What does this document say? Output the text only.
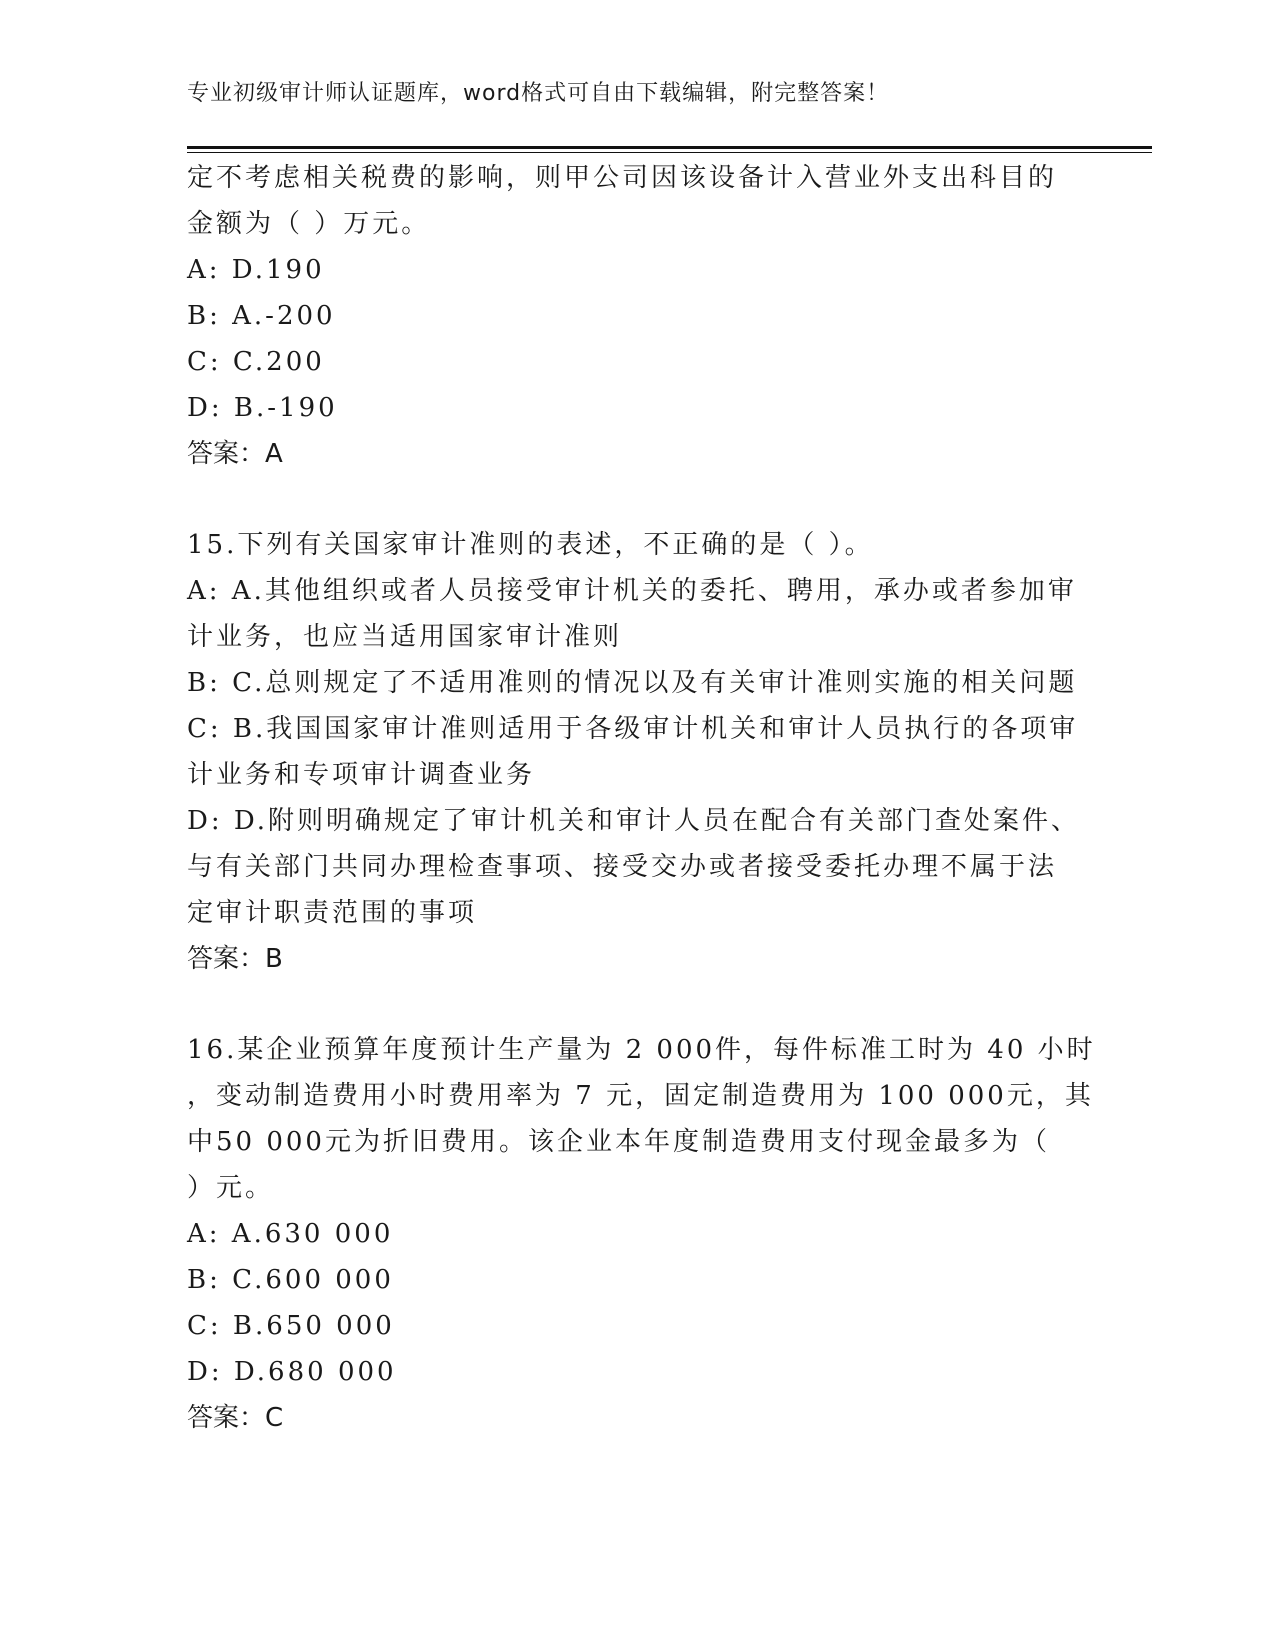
专业初级审计师认证题库，word格式可自由下载编辑，附完整答案！
定不考虑相关税费的影响，则甲公司因该设备计入营业外支出科目的
金额为（ ）万元。
A: D.190
B: A.-200
C: C.200
D: B.-190
答案：A
15.下列有关国家审计准则的表述，不正确的是（ ）。
A: A.其他组织或者人员接受审计机关的委托、聘用，承办或者参加审
计业务，也应当适用国家审计准则
B: C.总则规定了不适用准则的情况以及有关审计准则实施的相关问题
C: B.我国国家审计准则适用于各级审计机关和审计人员执行的各项审
计业务和专项审计调查业务
D: D.附则明确规定了审计机关和审计人员在配合有关部门查处案件、
与有关部门共同办理检查事项、接受交办或者接受委托办理不属于法
定审计职责范围的事项
答案：B
16.某企业预算年度预计生产量为 2 000件，每件标准工时为 40 小时
，变动制造费用小时费用率为 7 元，固定制造费用为 100 000元，其
中50 000元为折旧费用。该企业本年度制造费用支付现金最多为（
）元。
A: A.630 000
B: C.600 000
C: B.650 000
D: D.680 000
答案：C
